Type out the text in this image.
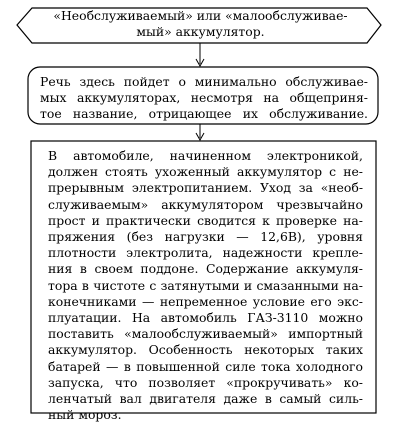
«Необслуживаемый» или «малообслуживае-
мый» аккумулятор.
Речь здесь пойдет о минимально обслуживае-
мых аккумуляторах, несмотря на общеприня-
тое название, отрицающее их обслуживание.
В автомобиле, начиненном электроникой,
должен стоять ухоженный аккумулятор с не-
прерывным электропитанием. Уход за «необ-
служиваемым» аккумулятором чрезвычайно
прост и практически сводится к проверке на-
пряжения (без нагрузки — 12,6В), уровня
плотности электролита, надежности крепле-
ния в своем поддоне. Содержание аккумуля-
тора в чистоте с затянутыми и смазанными на-
конечниками — непременное условие его экс-
плуатации. На автомобиль ГАЗ-3110 можно
поставить «малообслуживаемый» импортный
аккумулятор. Особенность некоторых таких
батарей — в повышенной силе тока холодного
запуска, что позволяет «прокручивать» ко-
ленчатый вал двигателя даже в самый силь-
ный мороз.
